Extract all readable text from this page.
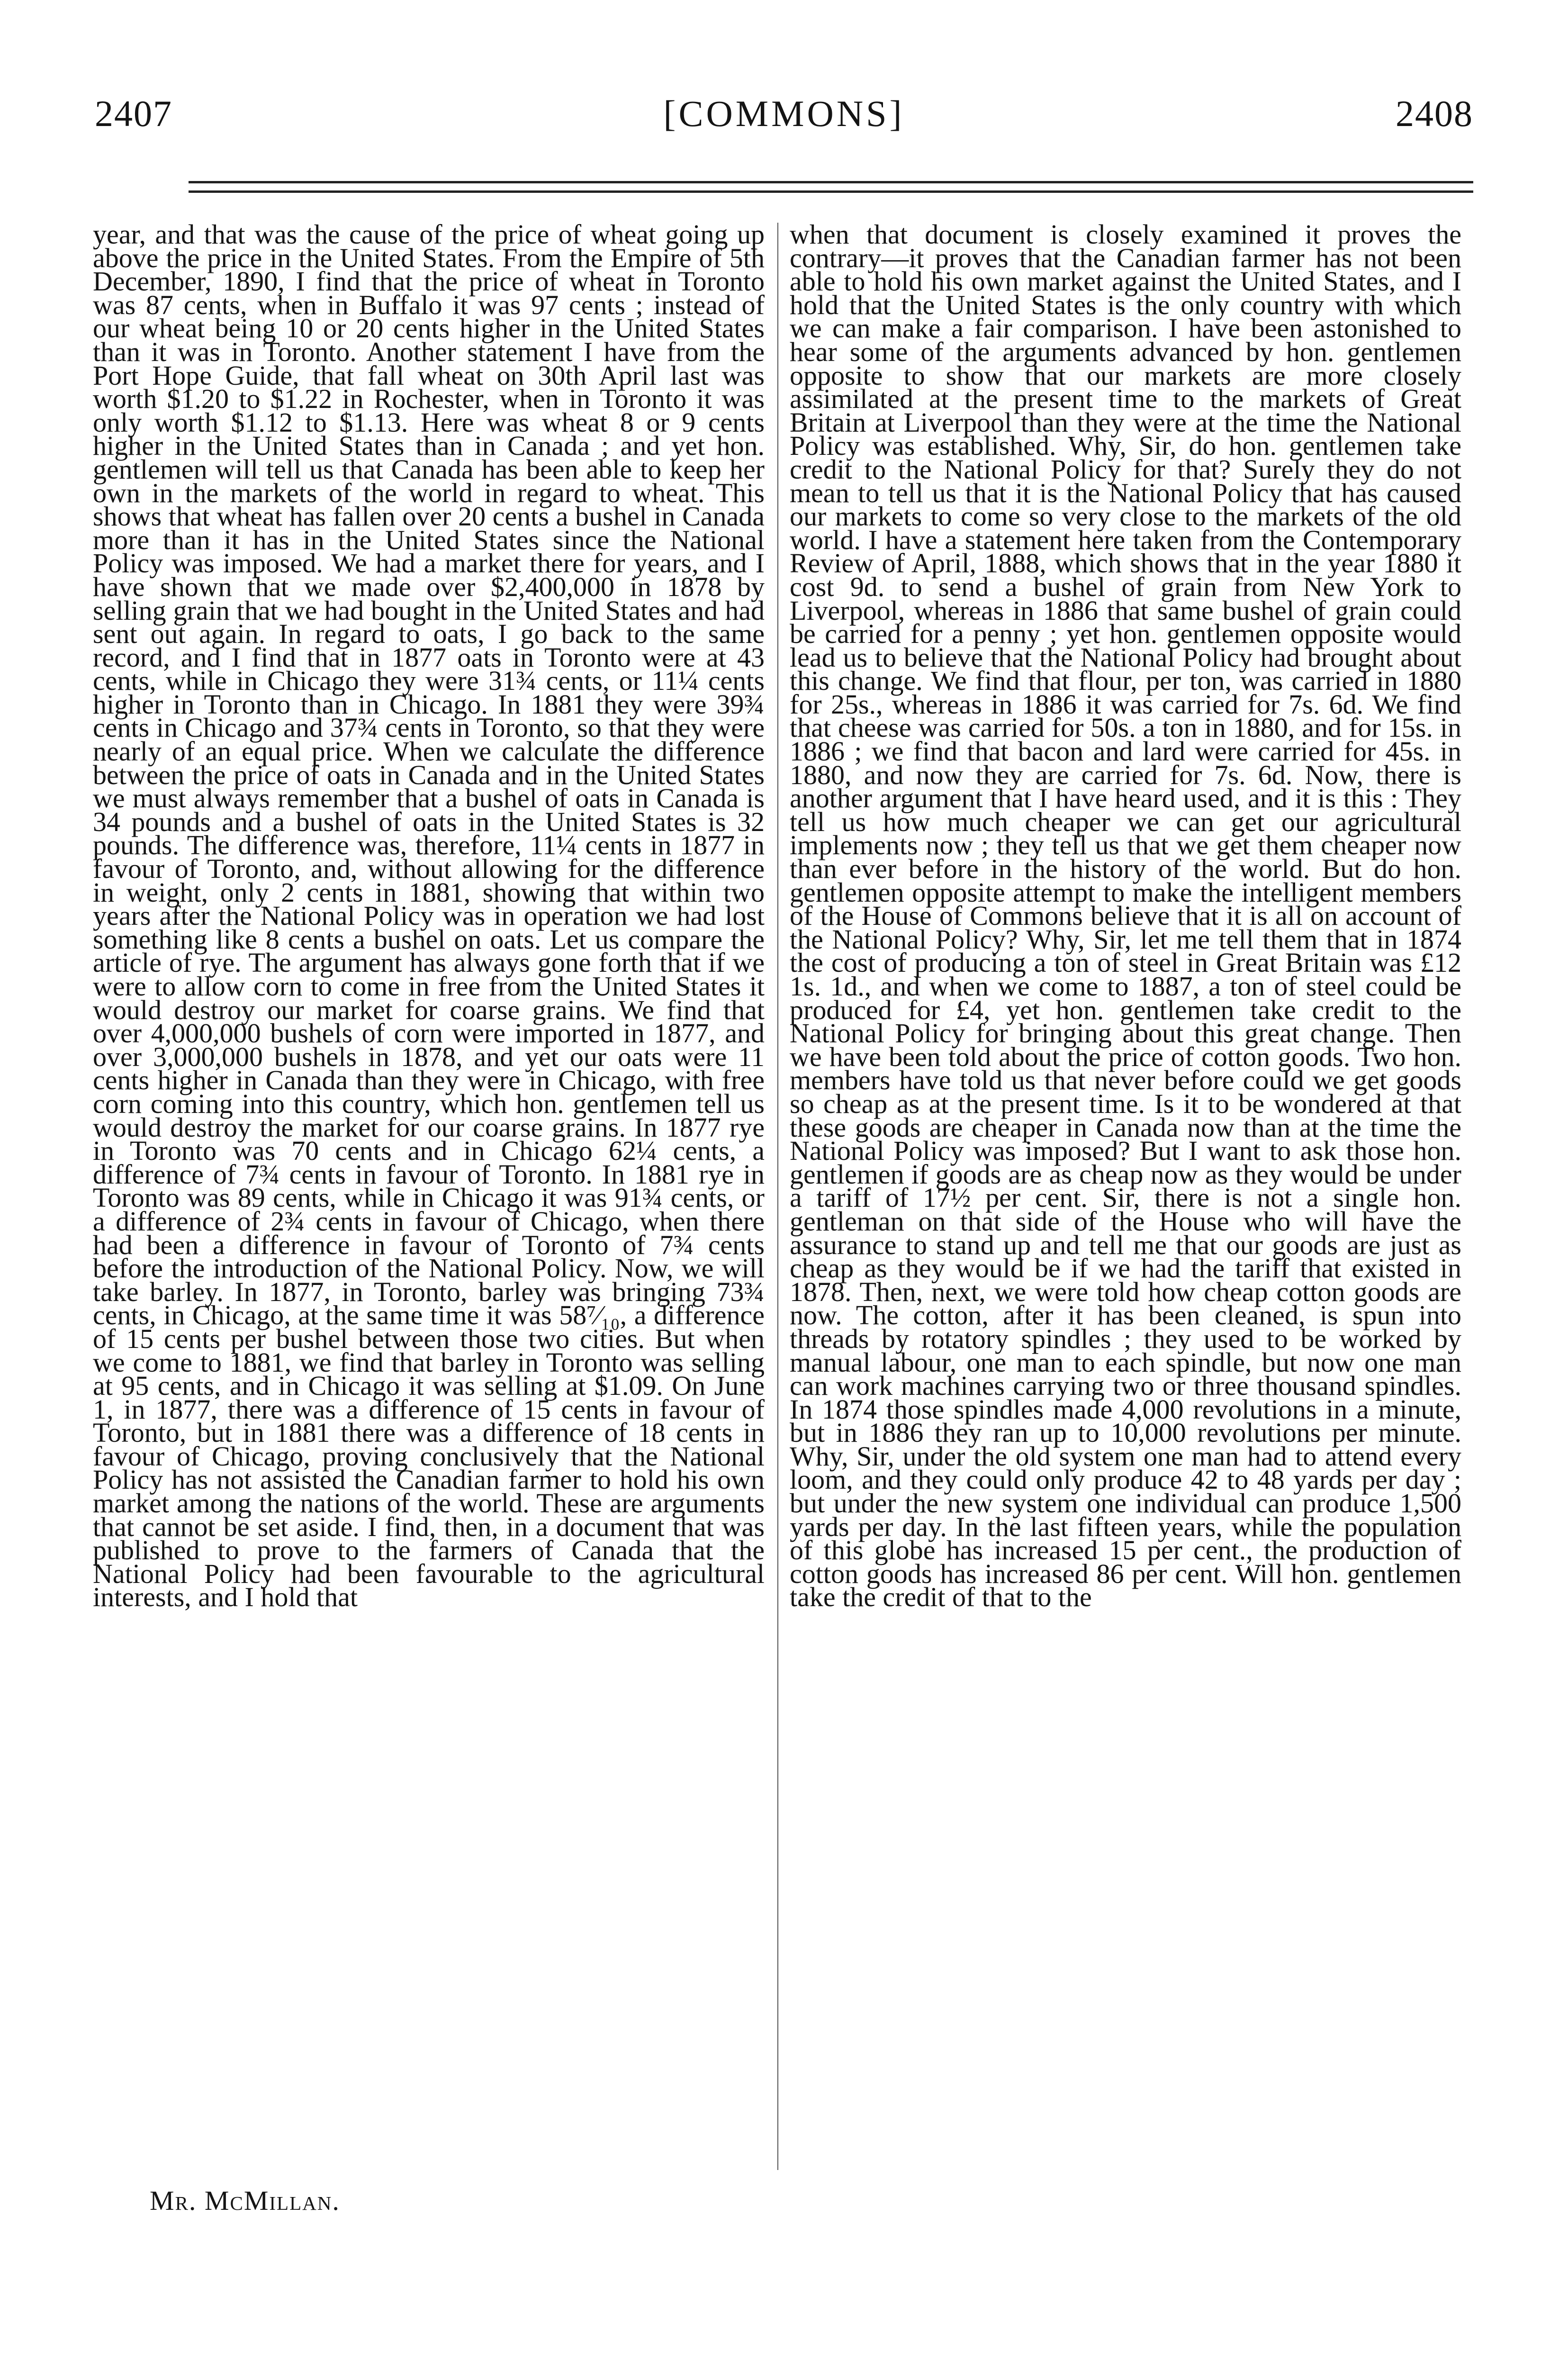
2407	[COMMONS]	2408

year, and that was the cause of the price of wheat going up above the price in the United States. From the Empire of 5th December, 1890, I find that the price of wheat in Toronto was 87 cents, when in Buffalo it was 97 cents ; instead of our wheat being 10 or 20 cents higher in the United States than it was in Toronto. Another statement I have from the Port Hope Guide, that fall wheat on 30th April last was worth $1.20 to $1.22 in Rochester, when in Toronto it was only worth $1.12 to $1.13. Here was wheat 8 or 9 cents higher in the United States than in Canada ; and yet hon. gentlemen will tell us that Canada has been able to keep her own in the markets of the world in regard to wheat. This shows that wheat has fallen over 20 cents a bushel in Canada more than it has in the United States since the National Policy was imposed. We had a market there for years, and I have shown that we made over $2,400,000 in 1878 by selling grain that we had bought in the United States and had sent out again. In regard to oats, I go back to the same record, and I find that in 1877 oats in Toronto were at 43 cents, while in Chicago they were 31¾ cents, or 11¼ cents higher in Toronto than in Chicago. In 1881 they were 39¾ cents in Chicago and 37¾ cents in Toronto, so that they were nearly of an equal price. When we calculate the difference between the price of oats in Canada and in the United States we must always remember that a bushel of oats in Canada is 34 pounds and a bushel of oats in the United States is 32 pounds. The difference was, therefore, 11¼ cents in 1877 in favour of Toronto, and, without allowing for the difference in weight, only 2 cents in 1881, showing that within two years after the National Policy was in operation we had lost something like 8 cents a bushel on oats. Let us compare the article of rye. The argument has always gone forth that if we were to allow corn to come in free from the United States it would destroy our market for coarse grains. We find that over 4,000,000 bushels of corn were imported in 1877, and over 3,000,000 bushels in 1878, and yet our oats were 11 cents higher in Canada than they were in Chicago, with free corn coming into this country, which hon. gentlemen tell us would destroy the market for our coarse grains. In 1877 rye in Toronto was 70 cents and in Chicago 62¼ cents, a difference of 7¾ cents in favour of Toronto. In 1881 rye in Toronto was 89 cents, while in Chicago it was 91¾ cents, or a difference of 2¾ cents in favour of Chicago, when there had been a difference in favour of Toronto of 7¾ cents before the introduction of the National Policy. Now, we will take barley. In 1877, in Toronto, barley was bringing 73¾ cents, in Chicago, at the same time it was 58⁷⁄₁₀, a difference of 15 cents per bushel between those two cities. But when we come to 1881, we find that barley in Toronto was selling at 95 cents, and in Chicago it was selling at $1.09. On June 1, in 1877, there was a difference of 15 cents in favour of Toronto, but in 1881 there was a difference of 18 cents in favour of Chicago, proving conclusively that the National Policy has not assisted the Canadian farmer to hold his own market among the nations of the world. These are arguments that cannot be set aside. I find, then, in a document that was published to prove to the farmers of Canada that the National Policy had been favourable to the agricultural interests, and I hold that

when that document is closely examined it proves the contrary—it proves that the Canadian farmer has not been able to hold his own market against the United States, and I hold that the United States is the only country with which we can make a fair comparison. I have been astonished to hear some of the arguments advanced by hon. gentlemen opposite to show that our markets are more closely assimilated at the present time to the markets of Great Britain at Liverpool than they were at the time the National Policy was established. Why, Sir, do hon. gentlemen take credit to the National Policy for that? Surely they do not mean to tell us that it is the National Policy that has caused our markets to come so very close to the markets of the old world. I have a statement here taken from the Contemporary Review of April, 1888, which shows that in the year 1880 it cost 9d. to send a bushel of grain from New York to Liverpool, whereas in 1886 that same bushel of grain could be carried for a penny ; yet hon. gentlemen opposite would lead us to believe that the National Policy had brought about this change. We find that flour, per ton, was carried in 1880 for 25s., whereas in 1886 it was carried for 7s. 6d. We find that cheese was carried for 50s. a ton in 1880, and for 15s. in 1886 ; we find that bacon and lard were carried for 45s. in 1880, and now they are carried for 7s. 6d. Now, there is another argument that I have heard used, and it is this : They tell us how much cheaper we can get our agricultural implements now ; they tell us that we get them cheaper now than ever before in the history of the world. But do hon. gentlemen opposite attempt to make the intelligent members of the House of Commons believe that it is all on account of the National Policy? Why, Sir, let me tell them that in 1874 the cost of producing a ton of steel in Great Britain was £12 1s. 1d., and when we come to 1887, a ton of steel could be produced for £4, yet hon. gentlemen take credit to the National Policy for bringing about this great change. Then we have been told about the price of cotton goods. Two hon. members have told us that never before could we get goods so cheap as at the present time. Is it to be wondered at that these goods are cheaper in Canada now than at the time the National Policy was imposed? But I want to ask those hon. gentlemen if goods are as cheap now as they would be under a tariff of 17½ per cent. Sir, there is not a single hon. gentleman on that side of the House who will have the assurance to stand up and tell me that our goods are just as cheap as they would be if we had the tariff that existed in 1878. Then, next, we were told how cheap cotton goods are now. The cotton, after it has been cleaned, is spun into threads by rotatory spindles ; they used to be worked by manual labour, one man to each spindle, but now one man can work machines carrying two or three thousand spindles. In 1874 those spindles made 4,000 revolutions in a minute, but in 1886 they ran up to 10,000 revolutions per minute. Why, Sir, under the old system one man had to attend every loom, and they could only produce 42 to 48 yards per day ; but under the new system one individual can produce 1,500 yards per day. In the last fifteen years, while the population of this globe has increased 15 per cent., the production of cotton goods has increased 86 per cent. Will hon. gentlemen take the credit of that to the

Mr. McMillan.
